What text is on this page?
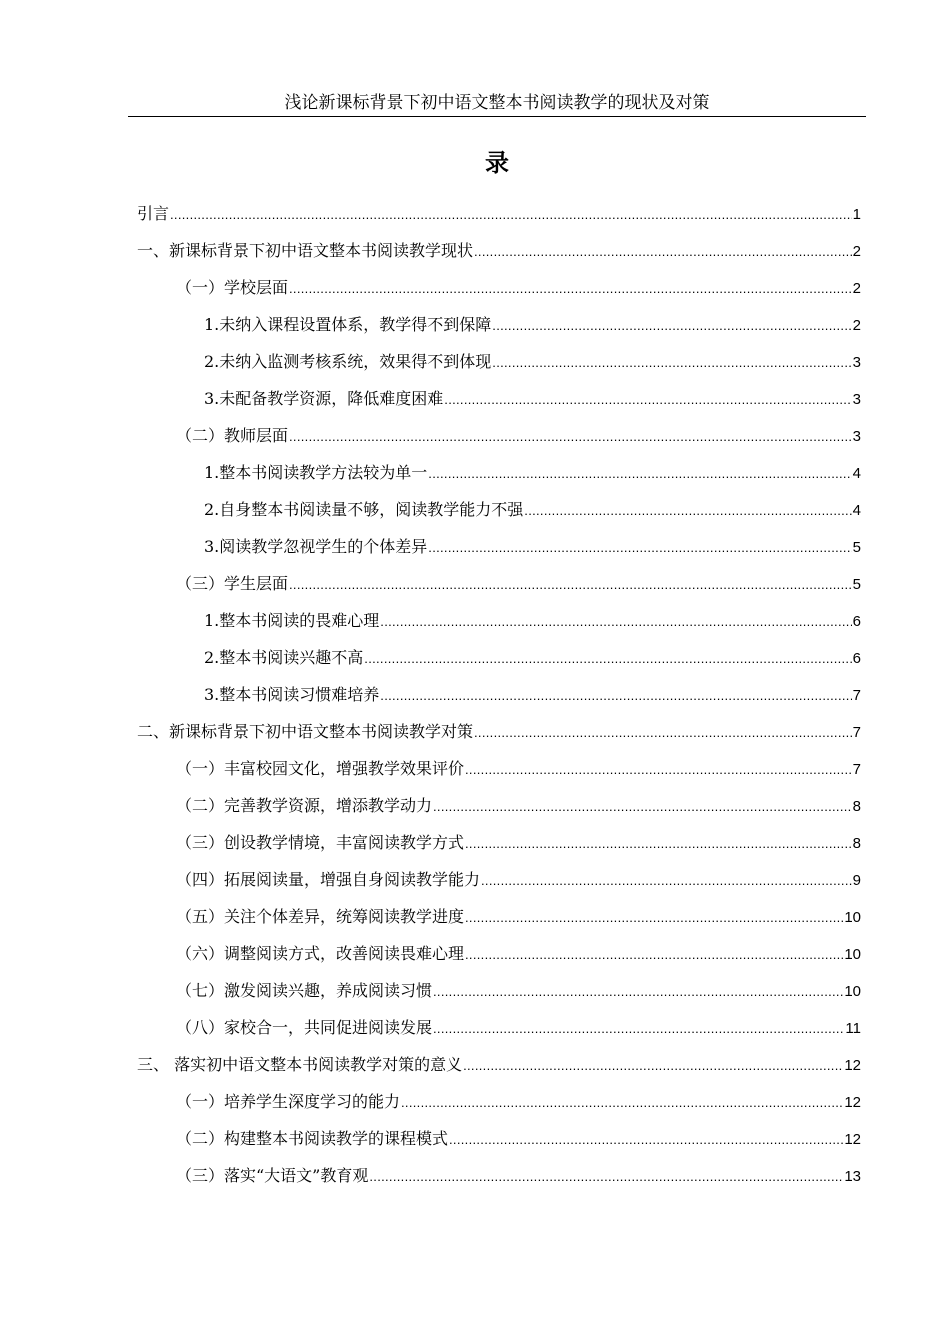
浅论新课标背景下初中语文整本书阅读教学的现状及对策
录
引言 .....	1
一、新课标背景下初中语文整本书阅读教学现状 .....	2
（一）学校层面 .....	2
1.未纳入课程设置体系，教学得不到保障 .....	2
2.未纳入监测考核系统，效果得不到体现 .....	3
3.未配备教学资源，降低难度困难 .....	3
（二）教师层面 .....	3
1.整本书阅读教学方法较为单一 .....	4
2.自身整本书阅读量不够，阅读教学能力不强 .....	4
3.阅读教学忽视学生的个体差异 .....	5
（三）学生层面 .....	5
1.整本书阅读的畏难心理 .....	6
2.整本书阅读兴趣不高 .....	6
3.整本书阅读习惯难培养 .....	7
二、新课标背景下初中语文整本书阅读教学对策 .....	7
（一）丰富校园文化，增强教学效果评价 .....	7
（二）完善教学资源，增添教学动力 .....	8
（三）创设教学情境，丰富阅读教学方式 .....	8
（四）拓展阅读量，增强自身阅读教学能力 .....	9
（五）关注个体差异，统筹阅读教学进度 .....	10
（六）调整阅读方式，改善阅读畏难心理 .....	10
（七）激发阅读兴趣，养成阅读习惯 .....	10
（八）家校合一，共同促进阅读发展 .....	11
三、 落实初中语文整本书阅读教学对策的意义 .....	12
（一）培养学生深度学习的能力 .....	12
（二）构建整本书阅读教学的课程模式 .....	12
（三）落实“大语文”教育观 .....	13
